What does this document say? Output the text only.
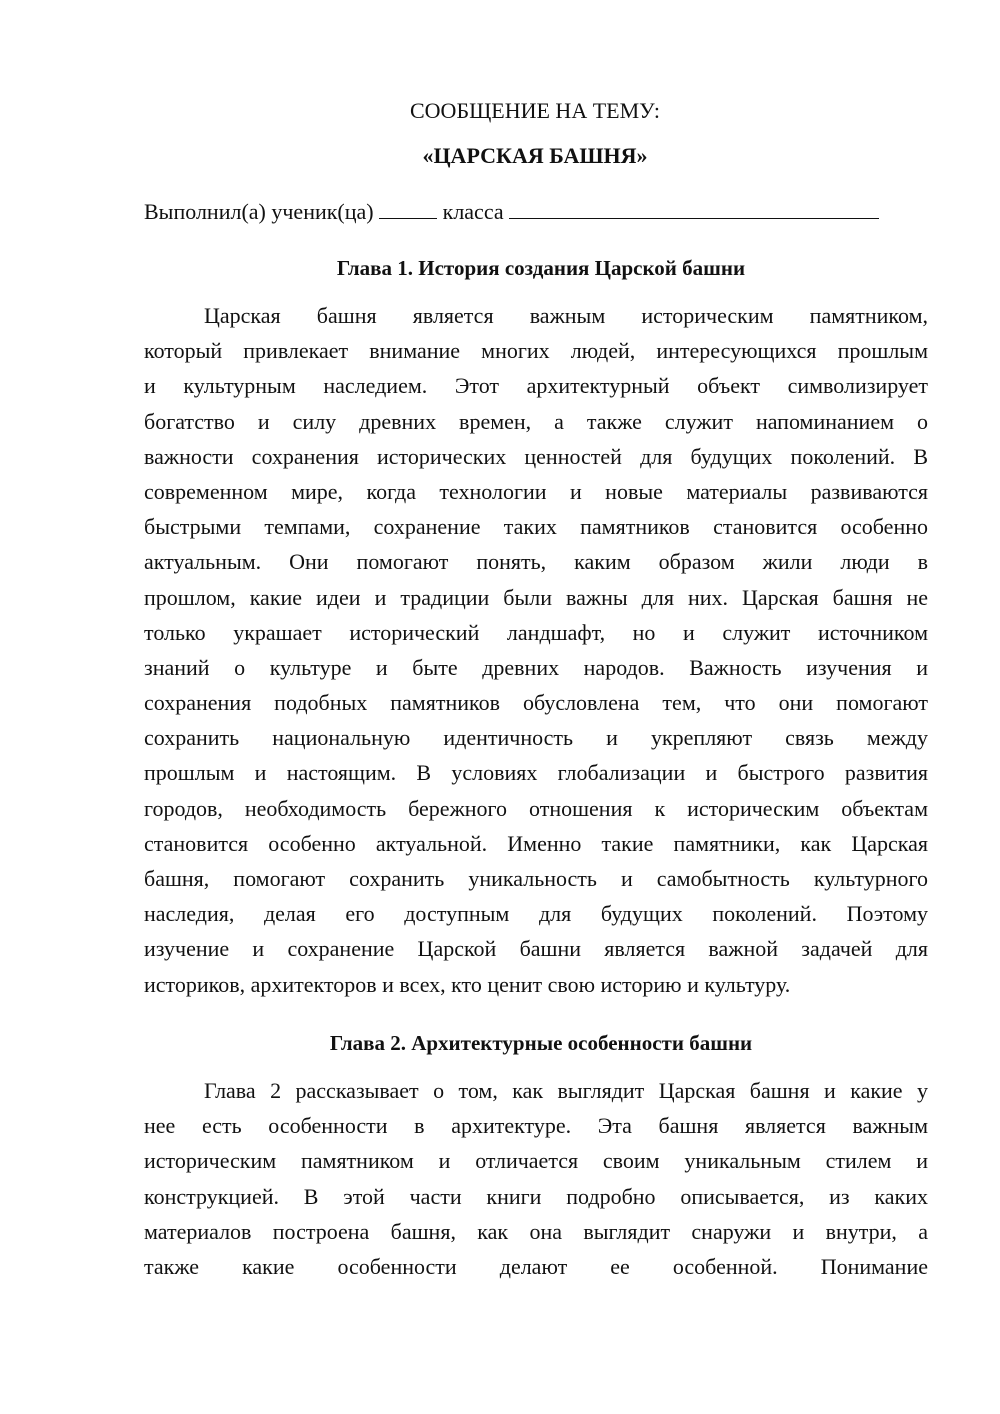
СООБЩЕНИЕ НА ТЕМУ:

«ЦАРСКАЯ БАШНЯ»

Выполнил(а) ученик(ца)	класса
Глава 1. История создания Царской башни
Царская башня является важным историческим памятником,
который привлекает внимание многих людей, интересующихся прошлым
и культурным наследием. Этот архитектурный объект символизирует
богатство и силу древних времен, а также служит напоминанием о
важности сохранения исторических ценностей для будущих поколений. В
современном мире, когда технологии и новые материалы развиваются
быстрыми темпами, сохранение таких памятников становится особенно
актуальным. Они помогают понять, каким образом жили люди в
прошлом, какие идеи и традиции были важны для них. Царская башня не
только украшает исторический ландшафт, но и служит источником
знаний о культуре и быте древних народов. Важность изучения и
сохранения подобных памятников обусловлена тем, что они помогают
сохранить национальную идентичность и укрепляют связь между
прошлым и настоящим. В условиях глобализации и быстрого развития
городов, необходимость бережного отношения к историческим объектам
становится особенно актуальной. Именно такие памятники, как Царская
башня, помогают сохранить уникальность и самобытность культурного
наследия, делая его доступным для будущих поколений. Поэтому
изучение и сохранение Царской башни является важной задачей для
историков, архитекторов и всех, кто ценит свою историю и культуру.
Глава 2. Архитектурные особенности башни
Глава 2 рассказывает о том, как выглядит Царская башня и какие у
нее есть особенности в архитектуре. Эта башня является важным
историческим памятником и отличается своим уникальным стилем и
конструкцией. В этой части книги подробно описывается, из каких
материалов построена башня, как она выглядит снаружи и внутри, а
также какие особенности делают ее особенной. Понимание
